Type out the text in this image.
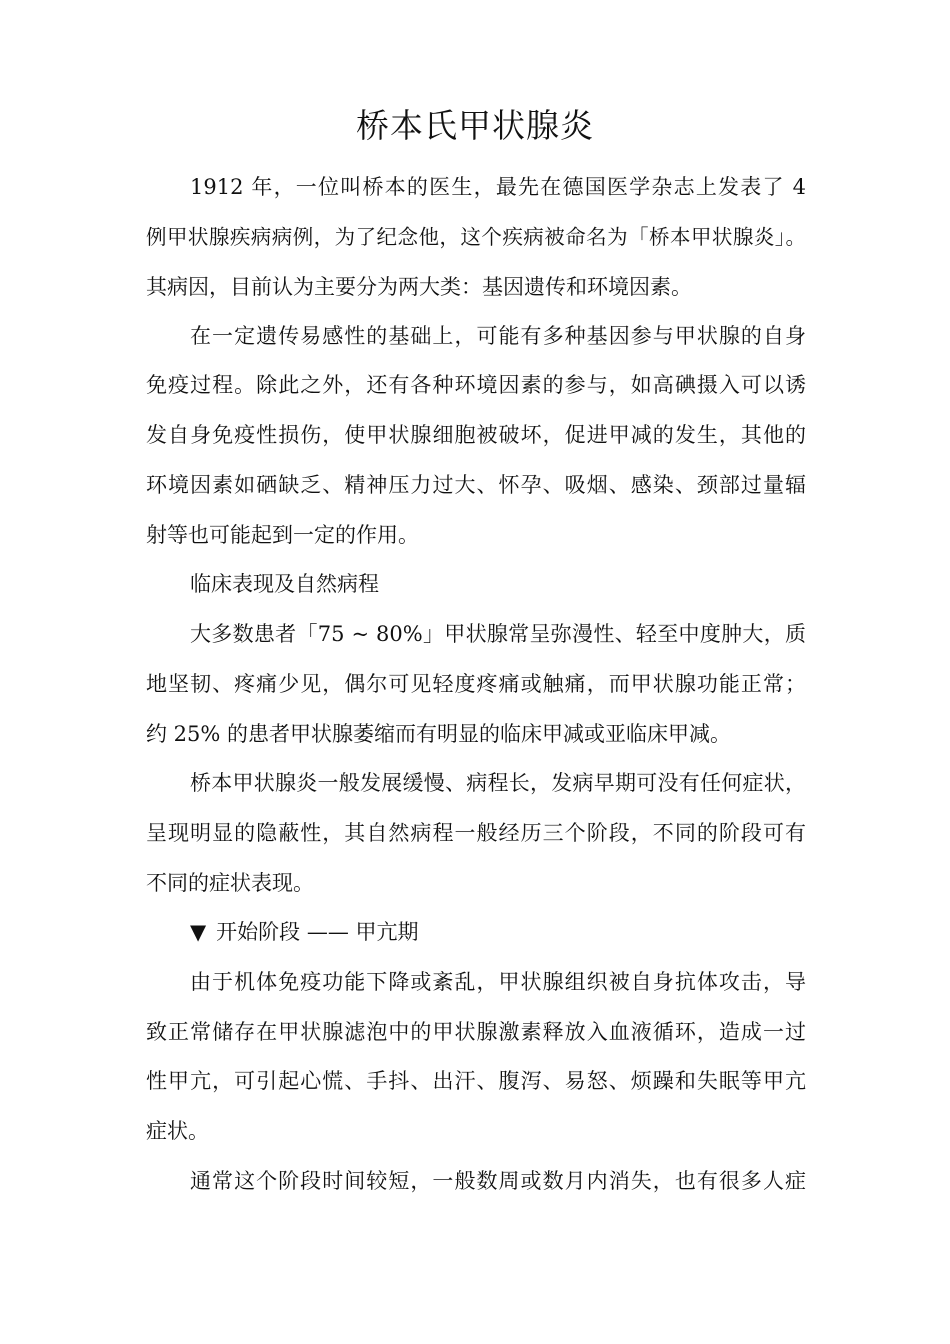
桥本氏甲状腺炎
1912 年，一位叫桥本的医生，最先在德国医学杂志上发表了 4
例甲状腺疾病病例，为了纪念他，这个疾病被命名为「桥本甲状腺炎」。
其病因，目前认为主要分为两大类：基因遗传和环境因素。
在一定遗传易感性的基础上，可能有多种基因参与甲状腺的自身
免疫过程。除此之外，还有各种环境因素的参与，如高碘摄入可以诱
发自身免疫性损伤，使甲状腺细胞被破坏，促进甲减的发生，其他的
环境因素如硒缺乏、精神压力过大、怀孕、吸烟、感染、颈部过量辐
射等也可能起到一定的作用。
临床表现及自然病程
大多数患者「75 ~ 80%」甲状腺常呈弥漫性、轻至中度肿大，质
地坚韧、疼痛少见，偶尔可见轻度疼痛或触痛，而甲状腺功能正常；
约 25% 的患者甲状腺萎缩而有明显的临床甲减或亚临床甲减。
桥本甲状腺炎一般发展缓慢、病程长，发病早期可没有任何症状，
呈现明显的隐蔽性，其自然病程一般经历三个阶段，不同的阶段可有
不同的症状表现。
▼ 开始阶段 —— 甲亢期
由于机体免疫功能下降或紊乱，甲状腺组织被自身抗体攻击，导
致正常储存在甲状腺滤泡中的甲状腺激素释放入血液循环，造成一过
性甲亢，可引起心慌、手抖、出汗、腹泻、易怒、烦躁和失眠等甲亢
症状。
通常这个阶段时间较短，一般数周或数月内消失，也有很多人症
